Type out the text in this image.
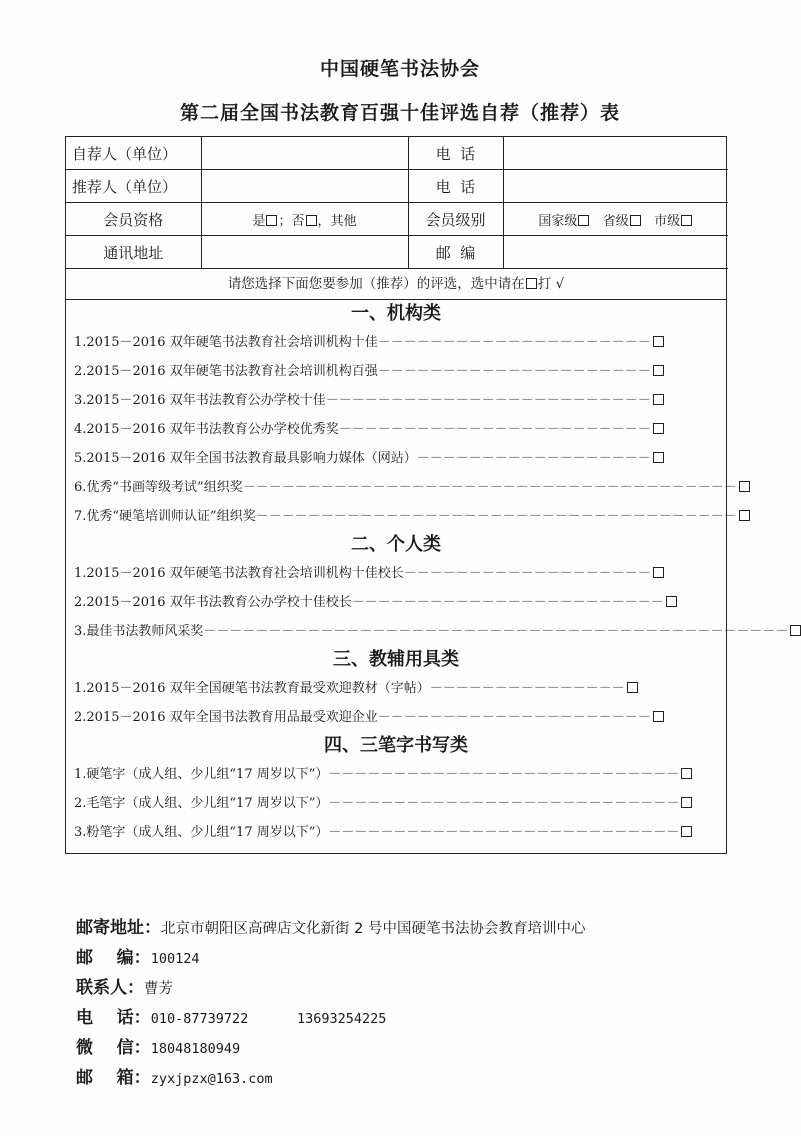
中国硬笔书法协会
第二届全国书法教育百强十佳评选自荐（推荐）表
自荐人（单位）		电  话	
推荐人（单位）		电  话	
会员资格	是 ；否 ，其他	会员级别	国家级 省级 市级
通讯地址		邮  编	
请您选择下面您要参加（推荐）的评选，选中请在 打 √
一、机构类
1.2015－2016 双年硬笔书法教育社会培训机构十佳－－－－－－－－－－－－－－－－－－－－－
2.2015－2016 双年硬笔书法教育社会培训机构百强－－－－－－－－－－－－－－－－－－－－－
3.2015－2016 双年书法教育公办学校十佳－－－－－－－－－－－－－－－－－－－－－－－－－
4.2015－2016 双年书法教育公办学校优秀奖－－－－－－－－－－－－－－－－－－－－－－－－
5.2015－2016 双年全国书法教育最具影响力媒体（网站）－－－－－－－－－－－－－－－－－－
6.优秀“书画等级考试”组织奖－－－－－－－－－－－－－－－－－－－－－－－－－－－－－－－－－－－－－－
7.优秀“硬笔培训师认证”组织奖－－－－－－－－－－－－－－－－－－－－－－－－－－－－－－－－－－－－－
二、个人类
1.2015－2016 双年硬笔书法教育社会培训机构十佳校长－－－－－－－－－－－－－－－－－－－
2.2015－2016 双年书法教育公办学校十佳校长－－－－－－－－－－－－－－－－－－－－－－－－
3.最佳书法教师风采奖－－－－－－－－－－－－－－－－－－－－－－－－－－－－－－－－－－－－－－－－－－－－－
三、教辅用具类
1.2015－2016 双年全国硬笔书法教育最受欢迎教材（字帖）－－－－－－－－－－－－－－－
2.2015－2016 双年全国书法教育用品最受欢迎企业－－－－－－－－－－－－－－－－－－－－－
四、三笔字书写类
1.硬笔字（成人组、少儿组“17 周岁以下”）－－－－－－－－－－－－－－－－－－－－－－－－－－－
2.毛笔字（成人组、少儿组“17 周岁以下”）－－－－－－－－－－－－－－－－－－－－－－－－－－－
3.粉笔字（成人组、少儿组“17 周岁以下”）－－－－－－－－－－－－－－－－－－－－－－－－－－－
邮寄地址：北京市朝阳区高碑店文化新街 2 号中国硬笔书法协会教育培训中心
邮    编：100124
联系人：曹芳
电    话：010-87739722      13693254225
微    信：18048180949
邮    箱：zyxjpzx@163.com
